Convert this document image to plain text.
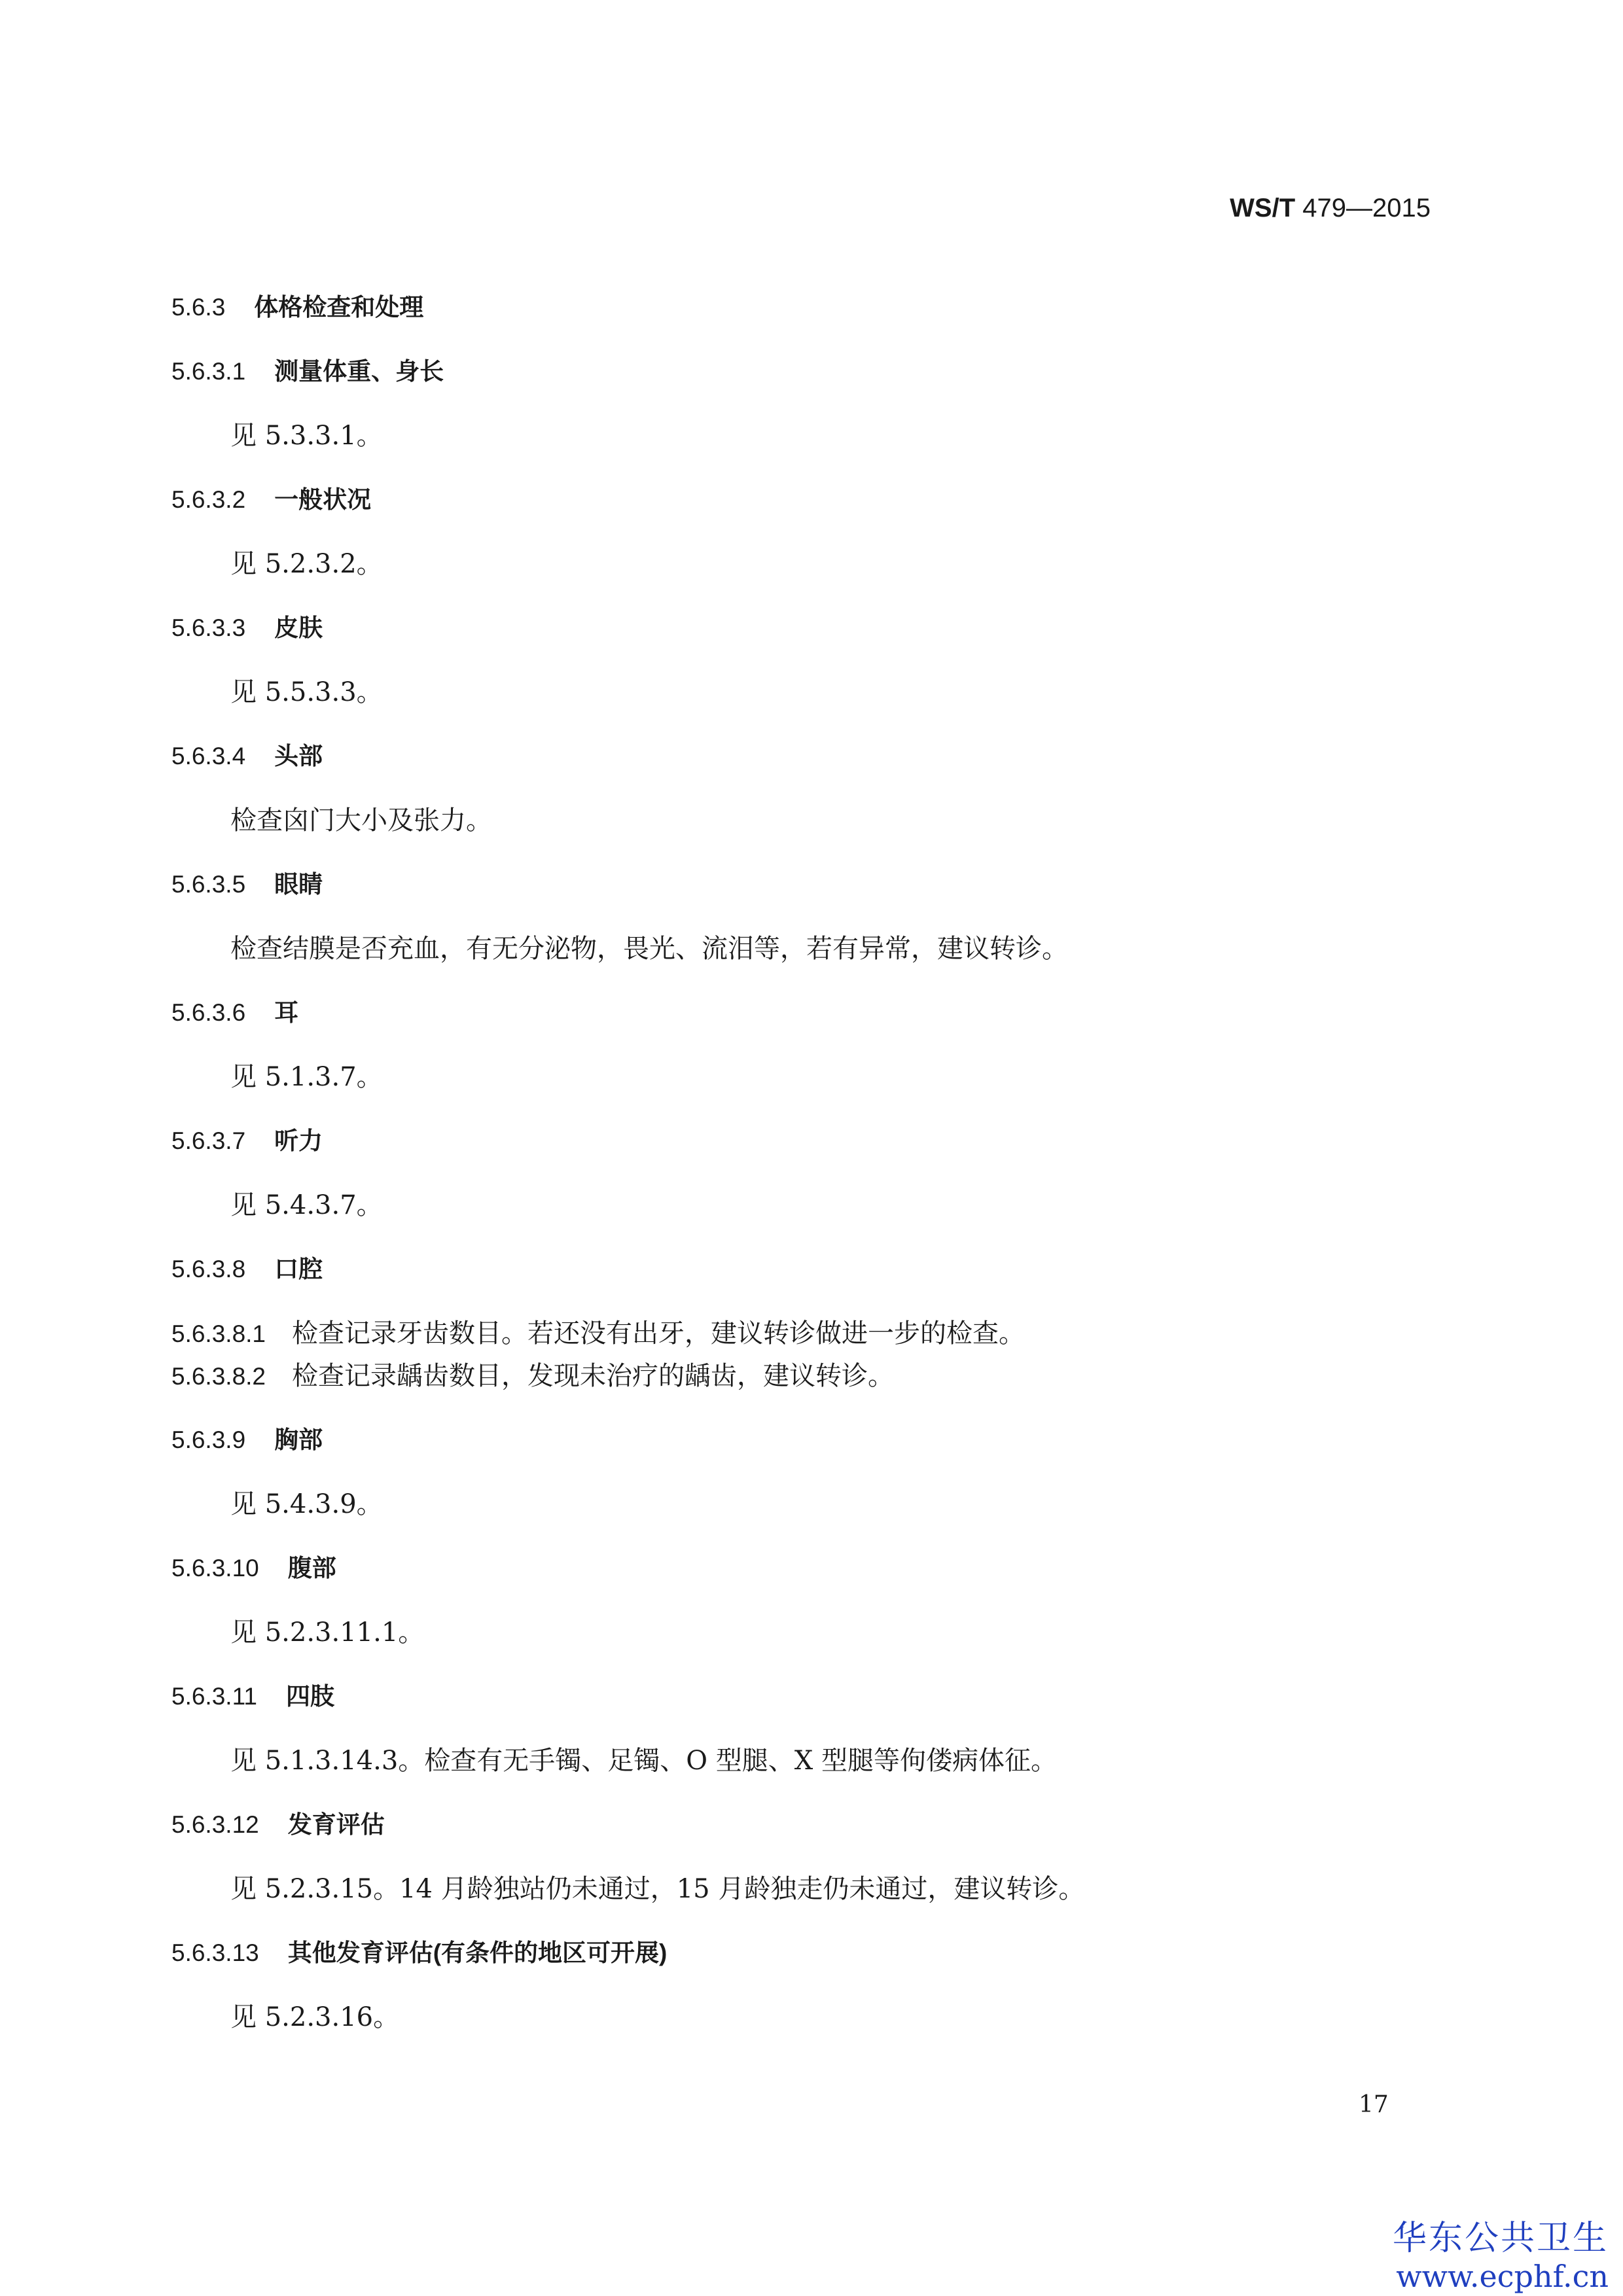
WS/T 479—2015
5.6.3 体格检查和处理
5.6.3.1 测量体重、身长
见 5.3.3.1。
5.6.3.2 一般状况
见 5.2.3.2。
5.6.3.3 皮肤
见 5.5.3.3。
5.6.3.4 头部
检查囟门大小及张力。
5.6.3.5 眼睛
检查结膜是否充血，有无分泌物，畏光、流泪等，若有异常，建议转诊。
5.6.3.6 耳
见 5.1.3.7。
5.6.3.7 听力
见 5.4.3.7。
5.6.3.8 口腔
5.6.3.8.1 检查记录牙齿数目。若还没有出牙，建议转诊做进一步的检查。
5.6.3.8.2 检查记录龋齿数目，发现未治疗的龋齿，建议转诊。
5.6.3.9 胸部
见 5.4.3.9。
5.6.3.10 腹部
见 5.2.3.11.1。
5.6.3.11 四肢
见 5.1.3.14.3。检查有无手镯、足镯、O 型腿、X 型腿等佝偻病体征。
5.6.3.12 发育评估
见 5.2.3.15。14 月龄独站仍未通过，15 月龄独走仍未通过，建议转诊。
5.6.3.13 其他发育评估(有条件的地区可开展)
见 5.2.3.16。
17
华东公共卫生
www.ecphf.cn
